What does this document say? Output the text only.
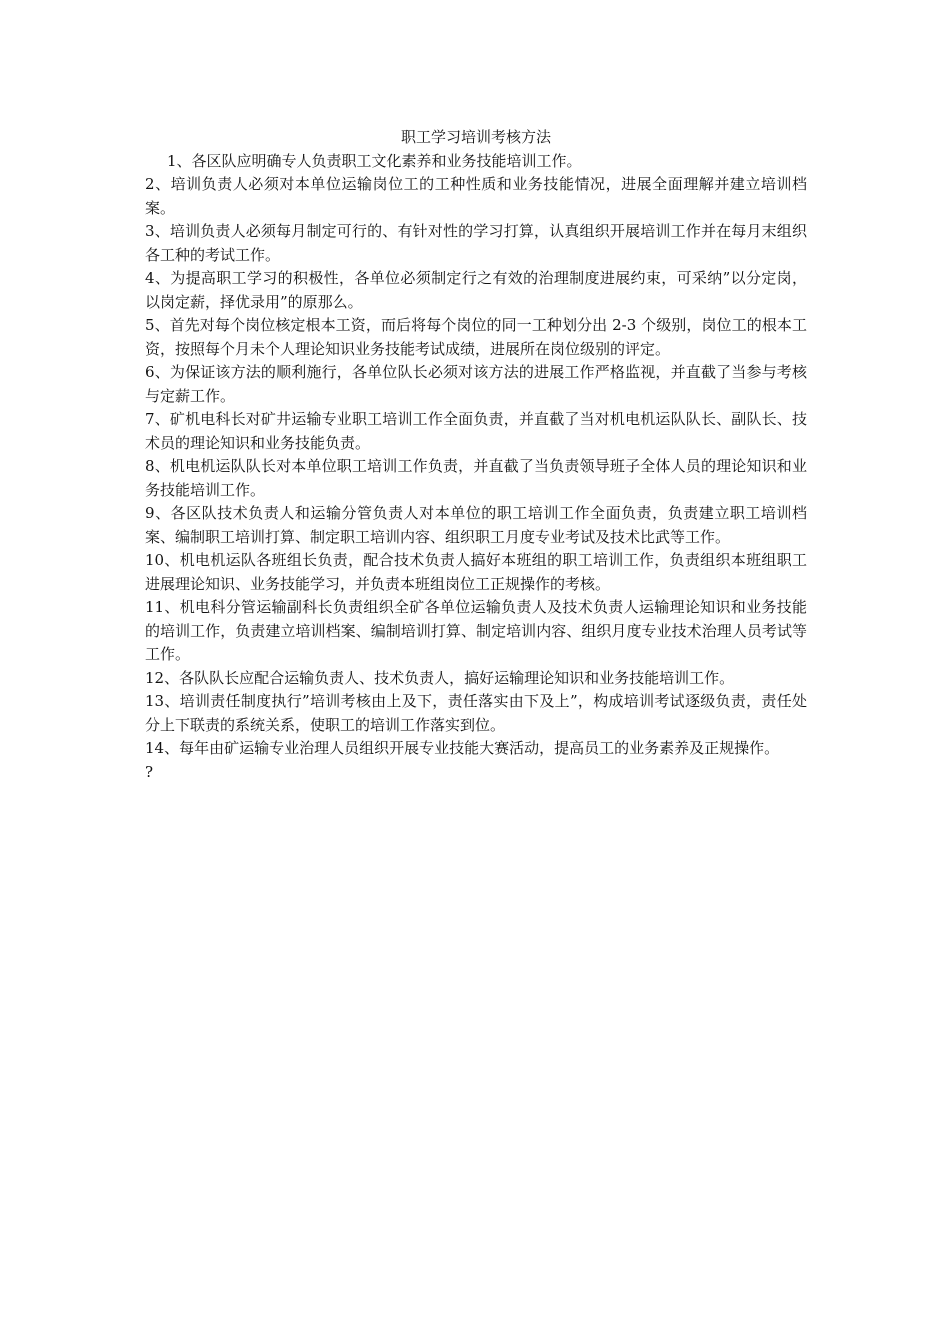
职工学习培训考核方法

1、各区队应明确专人负责职工文化素养和业务技能培训工作。

2、培训负责人必须对本单位运输岗位工的工种性质和业务技能情况，进展全面理解并建立培训档案。

3、培训负责人必须每月制定可行的、有针对性的学习打算，认真组织开展培训工作并在每月末组织各工种的考试工作。

4、为提高职工学习的积极性，各单位必须制定行之有效的治理制度进展约束，可采纳”以分定岗，以岗定薪，择优录用”的原那么。

5、首先对每个岗位核定根本工资，而后将每个岗位的同一工种划分出 2-3 个级别，岗位工的根本工资，按照每个月未个人理论知识业务技能考试成绩，进展所在岗位级别的评定。

6、为保证该方法的顺利施行，各单位队长必须对该方法的进展工作严格监视，并直截了当参与考核与定薪工作。

7、矿机电科长对矿井运输专业职工培训工作全面负责，并直截了当对机电机运队队长、副队长、技术员的理论知识和业务技能负责。

8、机电机运队队长对本单位职工培训工作负责，并直截了当负责领导班子全体人员的理论知识和业务技能培训工作。

9、各区队技术负责人和运输分管负责人对本单位的职工培训工作全面负责，负责建立职工培训档案、编制职工培训打算、制定职工培训内容、组织职工月度专业考试及技术比武等工作。

10、机电机运队各班组长负责，配合技术负责人搞好本班组的职工培训工作，负责组织本班组职工进展理论知识、业务技能学习，并负责本班组岗位工正规操作的考核。

11、机电科分管运输副科长负责组织全矿各单位运输负责人及技术负责人运输理论知识和业务技能的培训工作，负责建立培训档案、编制培训打算、制定培训内容、组织月度专业技术治理人员考试等工作。

12、各队队长应配合运输负责人、技术负责人，搞好运输理论知识和业务技能培训工作。

13、培训责任制度执行”培训考核由上及下，责任落实由下及上”，构成培训考试逐级负责，责任处分上下联责的系统关系，使职工的培训工作落实到位。

14、每年由矿运输专业治理人员组织开展专业技能大赛活动，提高员工的业务素养及正规操作。

?
